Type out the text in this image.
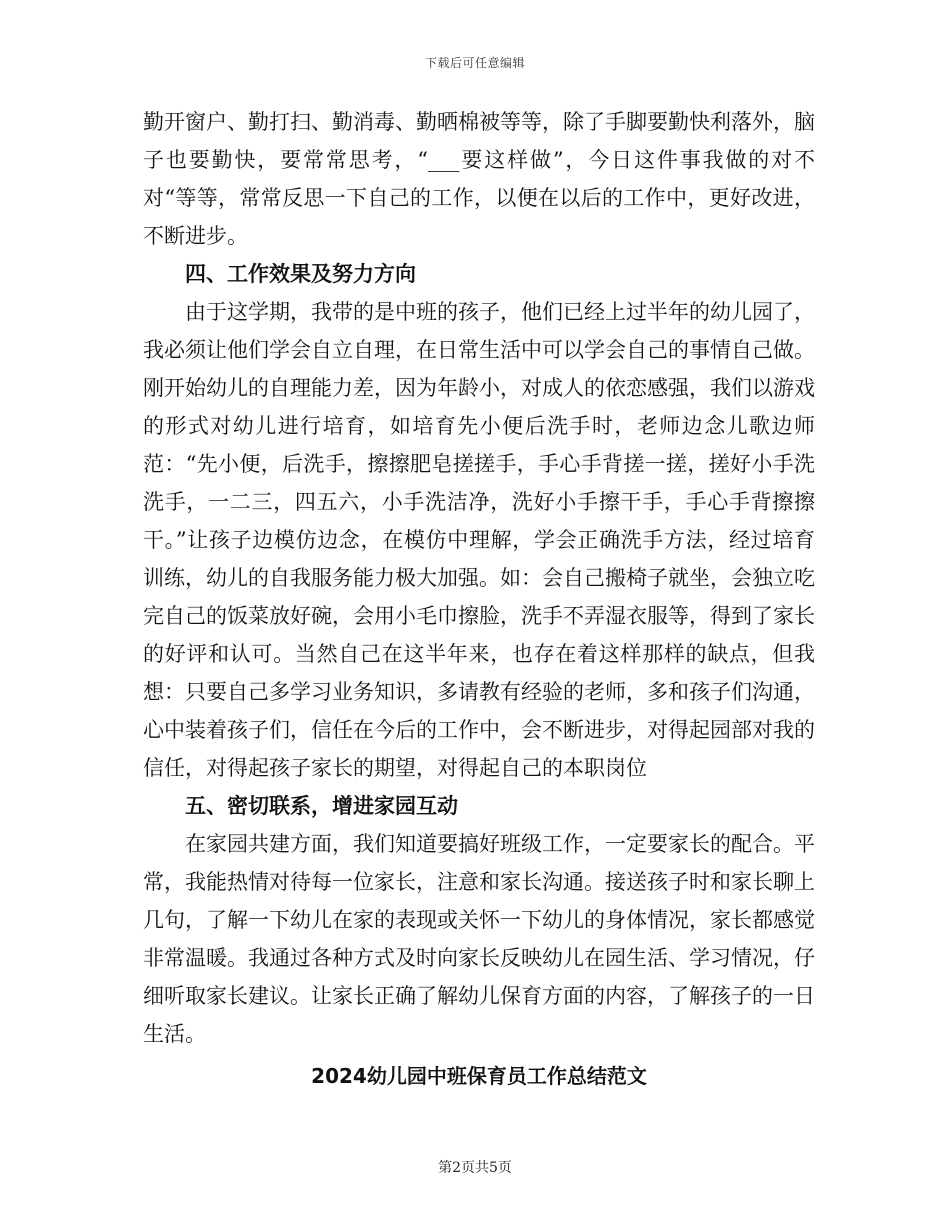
下载后可任意编辑

勤开窗户、勤打扫、勤消毒、勤晒棉被等等，除了手脚要勤快利落外，脑子也要勤快，要常常思考，“___要这样做”，今日这件事我做的对不对“等等，常常反思一下自己的工作，以便在以后的工作中，更好改进，不断进步。

四、工作效果及努力方向

由于这学期，我带的是中班的孩子，他们已经上过半年的幼儿园了，我必须让他们学会自立自理，在日常生活中可以学会自己的事情自己做。刚开始幼儿的自理能力差，因为年龄小，对成人的依恋感强，我们以游戏的形式对幼儿进行培育，如培育先小便后洗手时，老师边念儿歌边师范：“先小便，后洗手，擦擦肥皂搓搓手，手心手背搓一搓，搓好小手洗洗手，一二三，四五六，小手洗洁净，洗好小手擦干手，手心手背擦擦干。”让孩子边模仿边念，在模仿中理解，学会正确洗手方法，经过培育训练，幼儿的自我服务能力极大加强。如：会自己搬椅子就坐，会独立吃完自己的饭菜放好碗，会用小毛巾擦脸，洗手不弄湿衣服等，得到了家长的好评和认可。当然自己在这半年来，也存在着这样那样的缺点，但我想：只要自己多学习业务知识，多请教有经验的老师，多和孩子们沟通，心中装着孩子们，信任在今后的工作中，会不断进步，对得起园部对我的信任，对得起孩子家长的期望，对得起自己的本职岗位

五、密切联系，增进家园互动

在家园共建方面，我们知道要搞好班级工作，一定要家长的配合。平常，我能热情对待每一位家长，注意和家长沟通。接送孩子时和家长聊上几句，了解一下幼儿在家的表现或关怀一下幼儿的身体情况，家长都感觉非常温暖。我通过各种方式及时向家长反映幼儿在园生活、学习情况，仔细听取家长建议。让家长正确了解幼儿保育方面的内容，了解孩子的一日生活。

2024幼儿园中班保育员工作总结范文
第2页共5页
